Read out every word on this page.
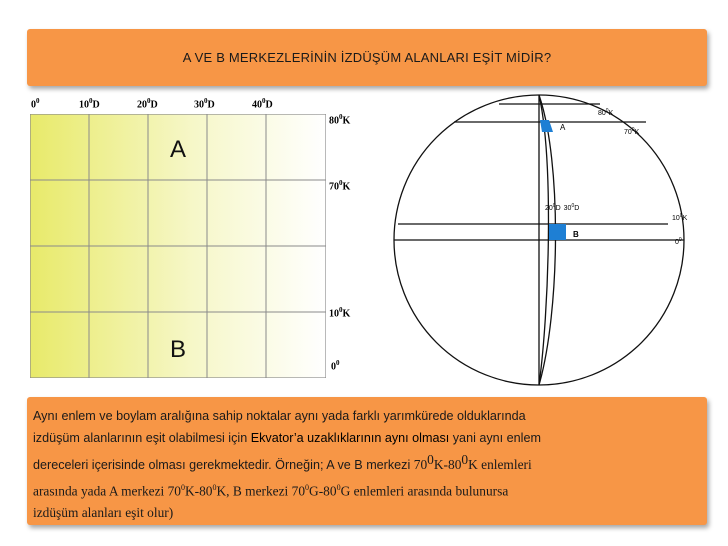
A VE B MERKEZLERİNİN İZDÜŞÜM ALANLARI EŞİT MİDİR?
$0^0$	$10^0D$	$20^0D$	$30^0D$	$40^0D$
$80^0K$
$70^0K$
$10^0K$
$0^0$
A
B
A
B
$80^0K$
$70^0K$
$10^0K$
$0^0$
$20^0D$ $30^0D$
Aynı enlem ve boylam aralığına sahip noktalar aynı yada farklı yarımkürede olduklarında
izdüşüm alanlarının eşit olabilmesi için Ekvator’a uzaklıklarının aynı olması yani aynı enlem
dereceleri içerisinde olması gerekmektedir. Örneğin; A ve B merkezi $70^0K-80^0K$ enlemleri
arasında yada A merkezi $70^0K-80^0K$, B merkezi $70^0G-80^0G$ enlemleri arasında bulunursa
izdüşüm alanları eşit olur)
